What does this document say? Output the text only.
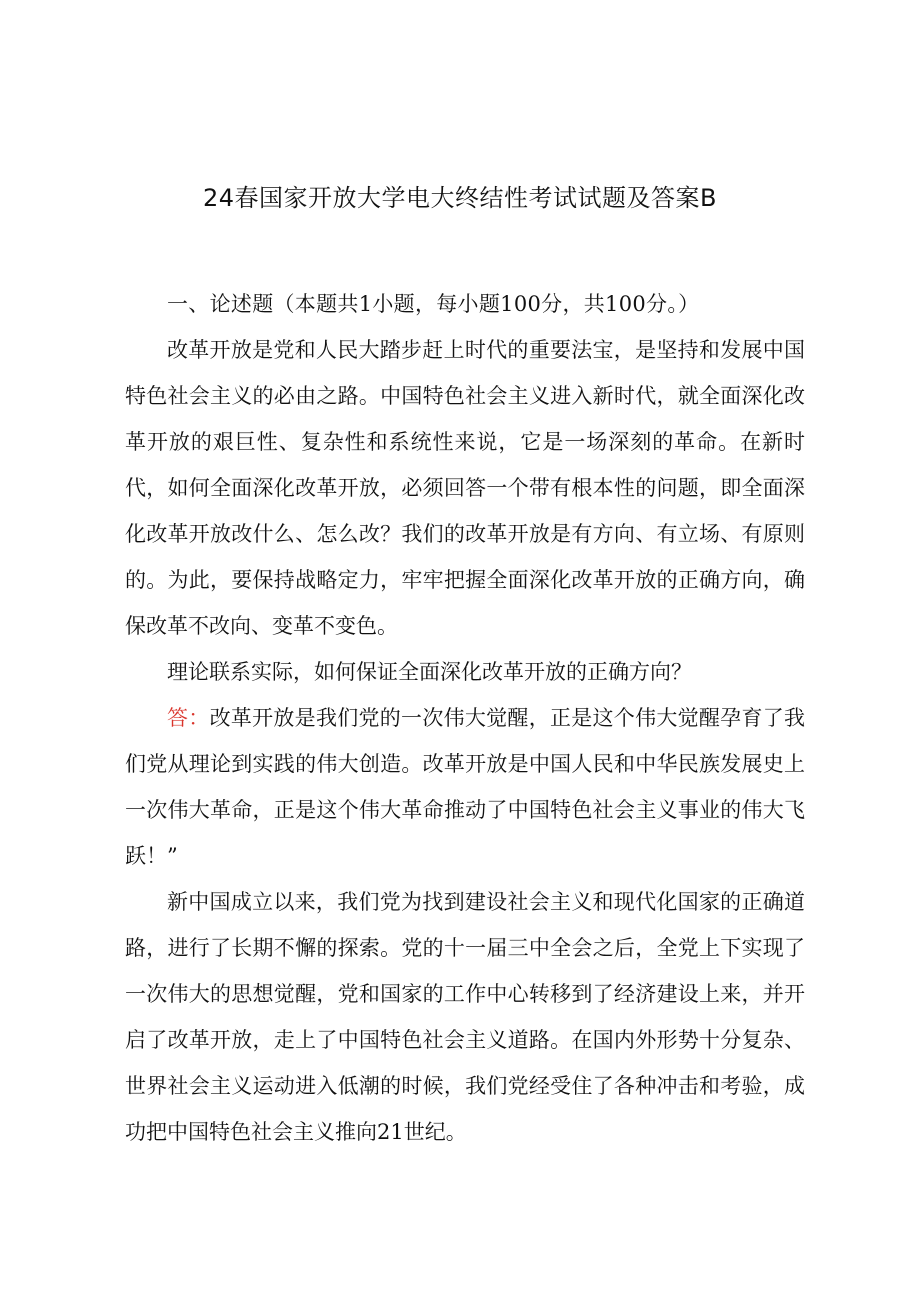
24春国家开放大学电大终结性考试试题及答案B

一、论述题（本题共1小题，每小题100分，共100分。）

改革开放是党和人民大踏步赶上时代的重要法宝，是坚持和发展中国特色社会主义的必由之路。中国特色社会主义进入新时代，就全面深化改革开放的艰巨性、复杂性和系统性来说，它是一场深刻的革命。在新时代，如何全面深化改革开放，必须回答一个带有根本性的问题，即全面深化改革开放改什么、怎么改？我们的改革开放是有方向、有立场、有原则的。为此，要保持战略定力，牢牢把握全面深化改革开放的正确方向，确保改革不改向、变革不变色。

理论联系实际，如何保证全面深化改革开放的正确方向？

答：改革开放是我们党的一次伟大觉醒，正是这个伟大觉醒孕育了我们党从理论到实践的伟大创造。改革开放是中国人民和中华民族发展史上一次伟大革命，正是这个伟大革命推动了中国特色社会主义事业的伟大飞跃！”

新中国成立以来，我们党为找到建设社会主义和现代化国家的正确道路，进行了长期不懈的探索。党的十一届三中全会之后，全党上下实现了一次伟大的思想觉醒，党和国家的工作中心转移到了经济建设上来，并开启了改革开放，走上了中国特色社会主义道路。在国内外形势十分复杂、世界社会主义运动进入低潮的时候，我们党经受住了各种冲击和考验，成功把中国特色社会主义推向21世纪。
